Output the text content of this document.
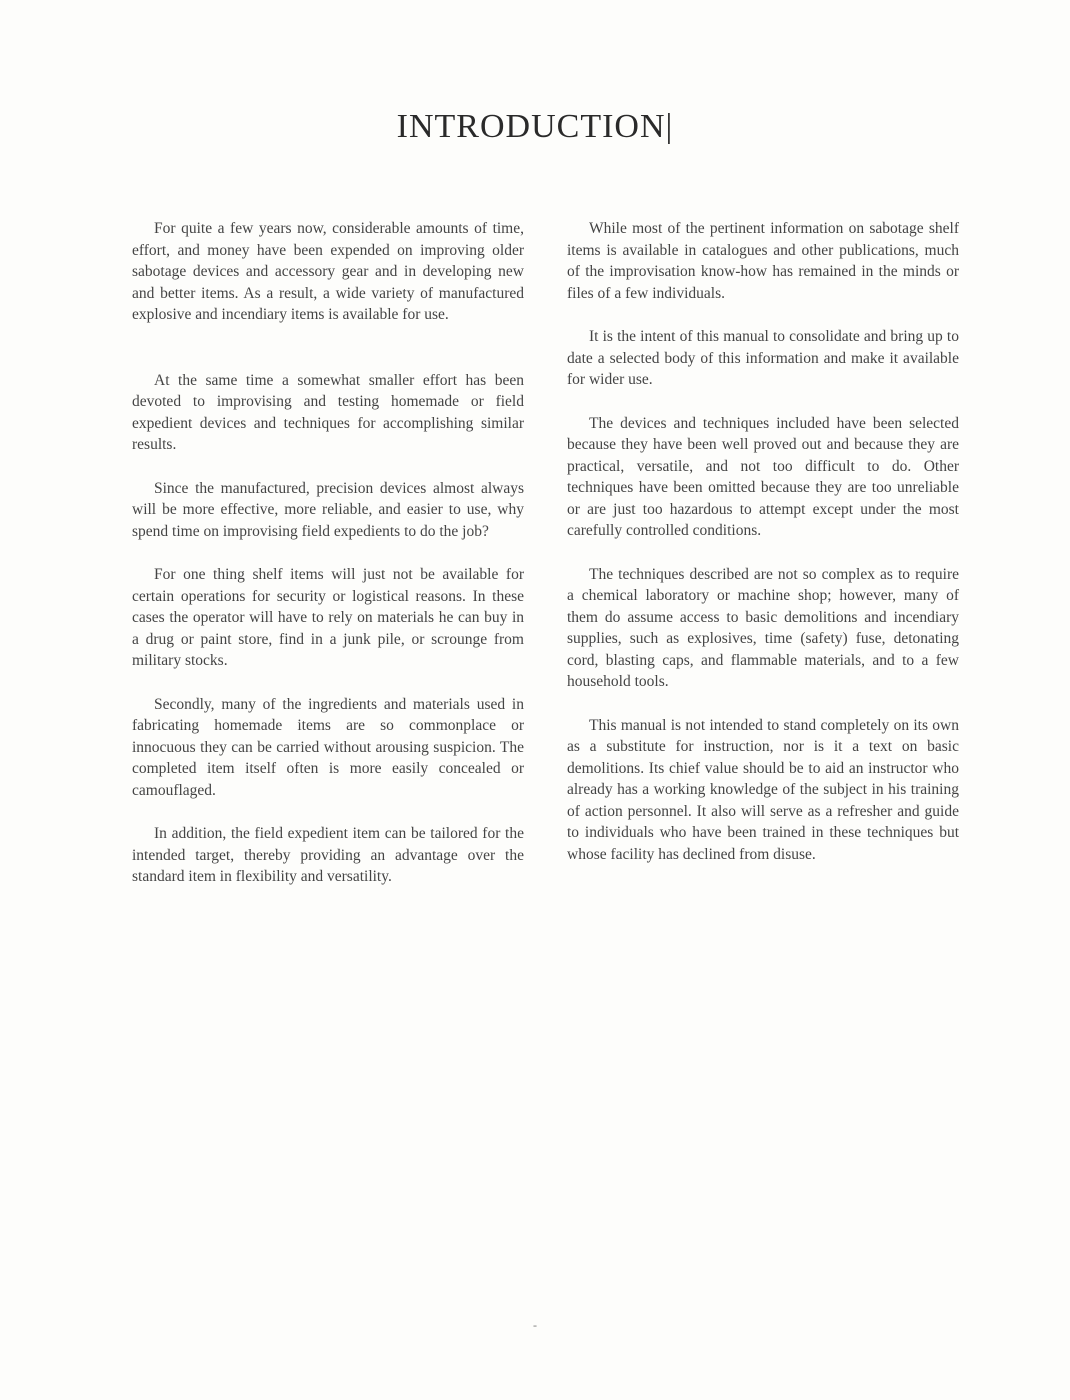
INTRODUCTION|

For quite a few years now, considerable amounts of time, effort, and money have been expended on improving older sabotage devices and accessory gear and in developing new and better items. As a result, a wide variety of manufactured explosive and incendiary items is available for use.

At the same time a somewhat smaller effort has been devoted to improvising and testing homemade or field expedient devices and techniques for accomplishing similar results.

Since the manufactured, precision devices almost always will be more effective, more reliable, and easier to use, why spend time on improvising field expedients to do the job?

For one thing shelf items will just not be available for certain operations for security or logistical reasons. In these cases the operator will have to rely on materials he can buy in a drug or paint store, find in a junk pile, or scrounge from military stocks.

Secondly, many of the ingredients and materials used in fabricating homemade items are so commonplace or innocuous they can be carried without arousing suspicion. The completed item itself often is more easily concealed or camouflaged.

In addition, the field expedient item can be tailored for the intended target, thereby providing an advantage over the standard item in flexibility and versatility.

While most of the pertinent information on sabotage shelf items is available in catalogues and other publications, much of the improvisation know-how has remained in the minds or files of a few individuals.

It is the intent of this manual to consolidate and bring up to date a selected body of this information and make it available for wider use.

The devices and techniques included have been selected because they have been well proved out and because they are practical, versatile, and not too difficult to do. Other techniques have been omitted because they are too unreliable or are just too hazardous to attempt except under the most carefully controlled conditions.

The techniques described are not so complex as to require a chemical laboratory or machine shop; however, many of them do assume access to basic demolitions and incendiary supplies, such as explosives, time (safety) fuse, detonating cord, blasting caps, and flammable materials, and to a few household tools.

This manual is not intended to stand completely on its own as a substitute for instruction, nor is it a text on basic demolitions. Its chief value should be to aid an instructor who already has a working knowledge of the subject in his training of action personnel. It also will serve as a refresher and guide to individuals who have been trained in these techniques but whose facility has declined from disuse.

-
